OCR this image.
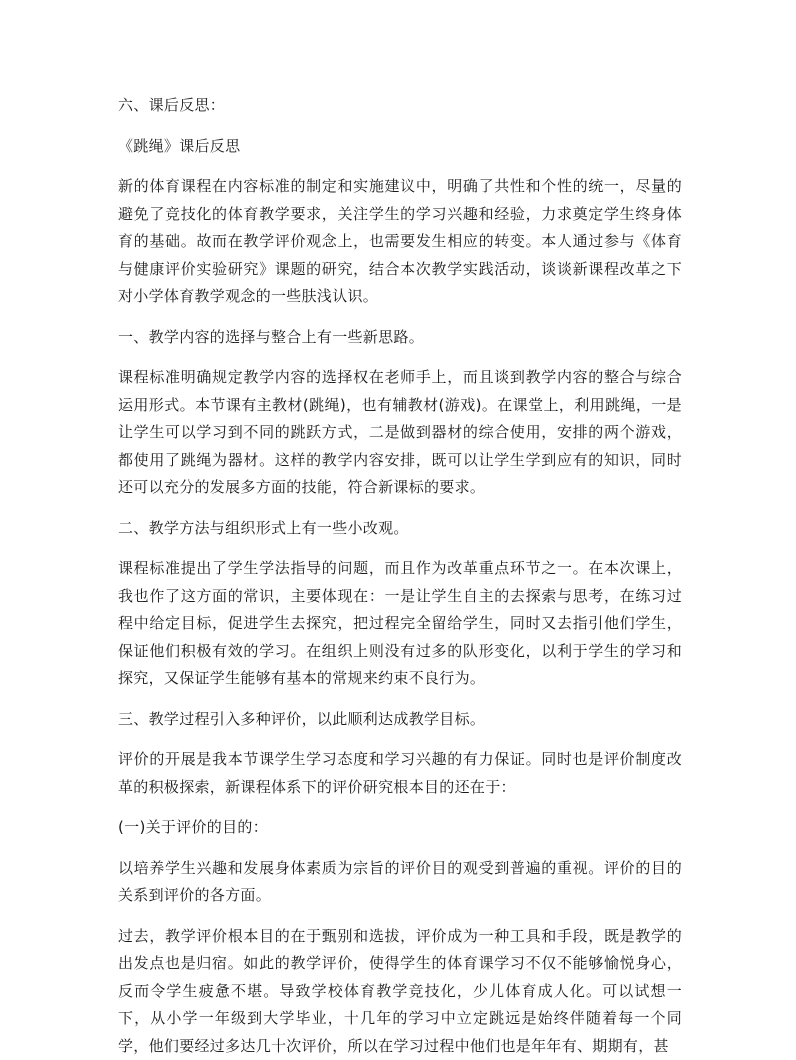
六、课后反思：

《跳绳》课后反思

新的体育课程在内容标准的制定和实施建议中，明确了共性和个性的统一，尽量的避免了竞技化的体育教学要求，关注学生的学习兴趣和经验，力求奠定学生终身体育的基础。故而在教学评价观念上，也需要发生相应的转变。本人通过参与《体育与健康评价实验研究》课题的研究，结合本次教学实践活动，谈谈新课程改革之下对小学体育教学观念的一些肤浅认识。

一、教学内容的选择与整合上有一些新思路。

课程标准明确规定教学内容的选择权在老师手上，而且谈到教学内容的整合与综合运用形式。本节课有主教材(跳绳)，也有辅教材(游戏)。在课堂上，利用跳绳，一是让学生可以学习到不同的跳跃方式，二是做到器材的综合使用，安排的两个游戏，都使用了跳绳为器材。这样的教学内容安排，既可以让学生学到应有的知识，同时还可以充分的发展多方面的技能，符合新课标的要求。

二、教学方法与组织形式上有一些小改观。

课程标准提出了学生学法指导的问题，而且作为改革重点环节之一。在本次课上，我也作了这方面的常识，主要体现在：一是让学生自主的去探索与思考，在练习过程中给定目标，促进学生去探究，把过程完全留给学生，同时又去指引他们学生，保证他们积极有效的学习。在组织上则没有过多的队形变化，以利于学生的学习和探究，又保证学生能够有基本的常规来约束不良行为。

三、教学过程引入多种评价，以此顺利达成教学目标。

评价的开展是我本节课学生学习态度和学习兴趣的有力保证。同时也是评价制度改革的积极探索，新课程体系下的评价研究根本目的还在于：

(一)关于评价的目的：

以培养学生兴趣和发展身体素质为宗旨的评价目的观受到普遍的重视。评价的目的关系到评价的各方面。

过去，教学评价根本目的在于甄别和选拔，评价成为一种工具和手段，既是教学的出发点也是归宿。如此的教学评价，使得学生的体育课学习不仅不能够愉悦身心，反而令学生疲惫不堪。导致学校体育教学竞技化，少儿体育成人化。可以试想一下，从小学一年级到大学毕业，十几年的学习中立定跳远是始终伴随着每一个同学，他们要经过多达几十次评价，所以在学习过程中他们也是年年有、期期有，甚
